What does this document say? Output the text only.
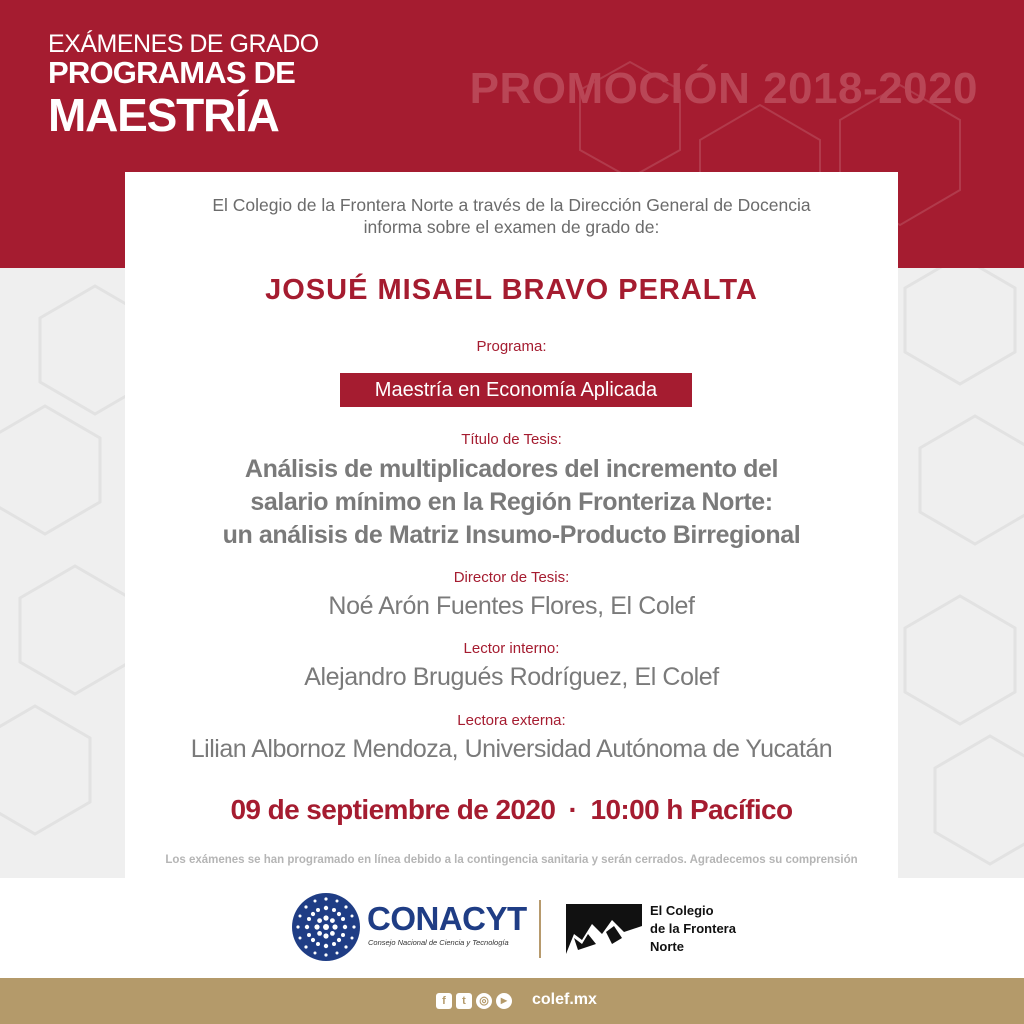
EXÁMENES DE GRADO
PROGRAMAS DE
MAESTRÍA
PROMOCIÓN 2018-2020
El Colegio de la Frontera Norte a través de la Dirección General de Docencia
informa sobre el examen de grado de:
JOSUÉ MISAEL BRAVO PERALTA
Programa:
Maestría en Economía Aplicada
Título de Tesis:
Análisis de multiplicadores del incremento del
salario mínimo en la Región Fronteriza Norte:
un análisis de Matriz Insumo-Producto Birregional
Director de Tesis:
Noé Arón Fuentes Flores, El Colef
Lector interno:
Alejandro Brugués Rodríguez, El Colef
Lectora externa:
Lilian Albornoz Mendoza, Universidad Autónoma de Yucatán
09 de septiembre de 2020 · 10:00 h Pacífico
Los exámenes se han programado en línea debido a la contingencia sanitaria y serán cerrados. Agradecemos su comprensión
CONACYT
Consejo Nacional de Ciencia y Tecnología
El Colegio
de la Frontera
Norte
f	t	◎	▶	colef.mx
